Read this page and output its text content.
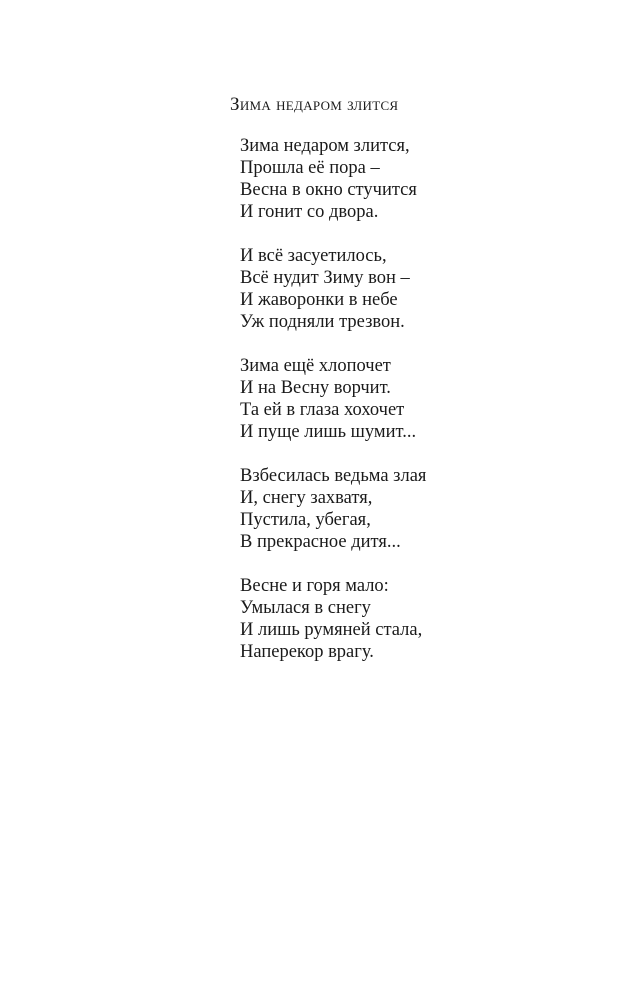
Зима недаром злится
Зима недаром злится,
Прошла её пора –
Весна в окно стучится
И гонит со двора.
И всё засуетилось,
Всё нудит Зиму вон –
И жаворонки в небе
Уж подняли трезвон.
Зима ещё хлопочет
И на Весну ворчит.
Та ей в глаза хохочет
И пуще лишь шумит...
Взбесилась ведьма злая
И, снегу захватя,
Пустила, убегая,
В прекрасное дитя...
Весне и горя мало:
Умылася в снегу
И лишь румяней стала,
Наперекор врагу.
